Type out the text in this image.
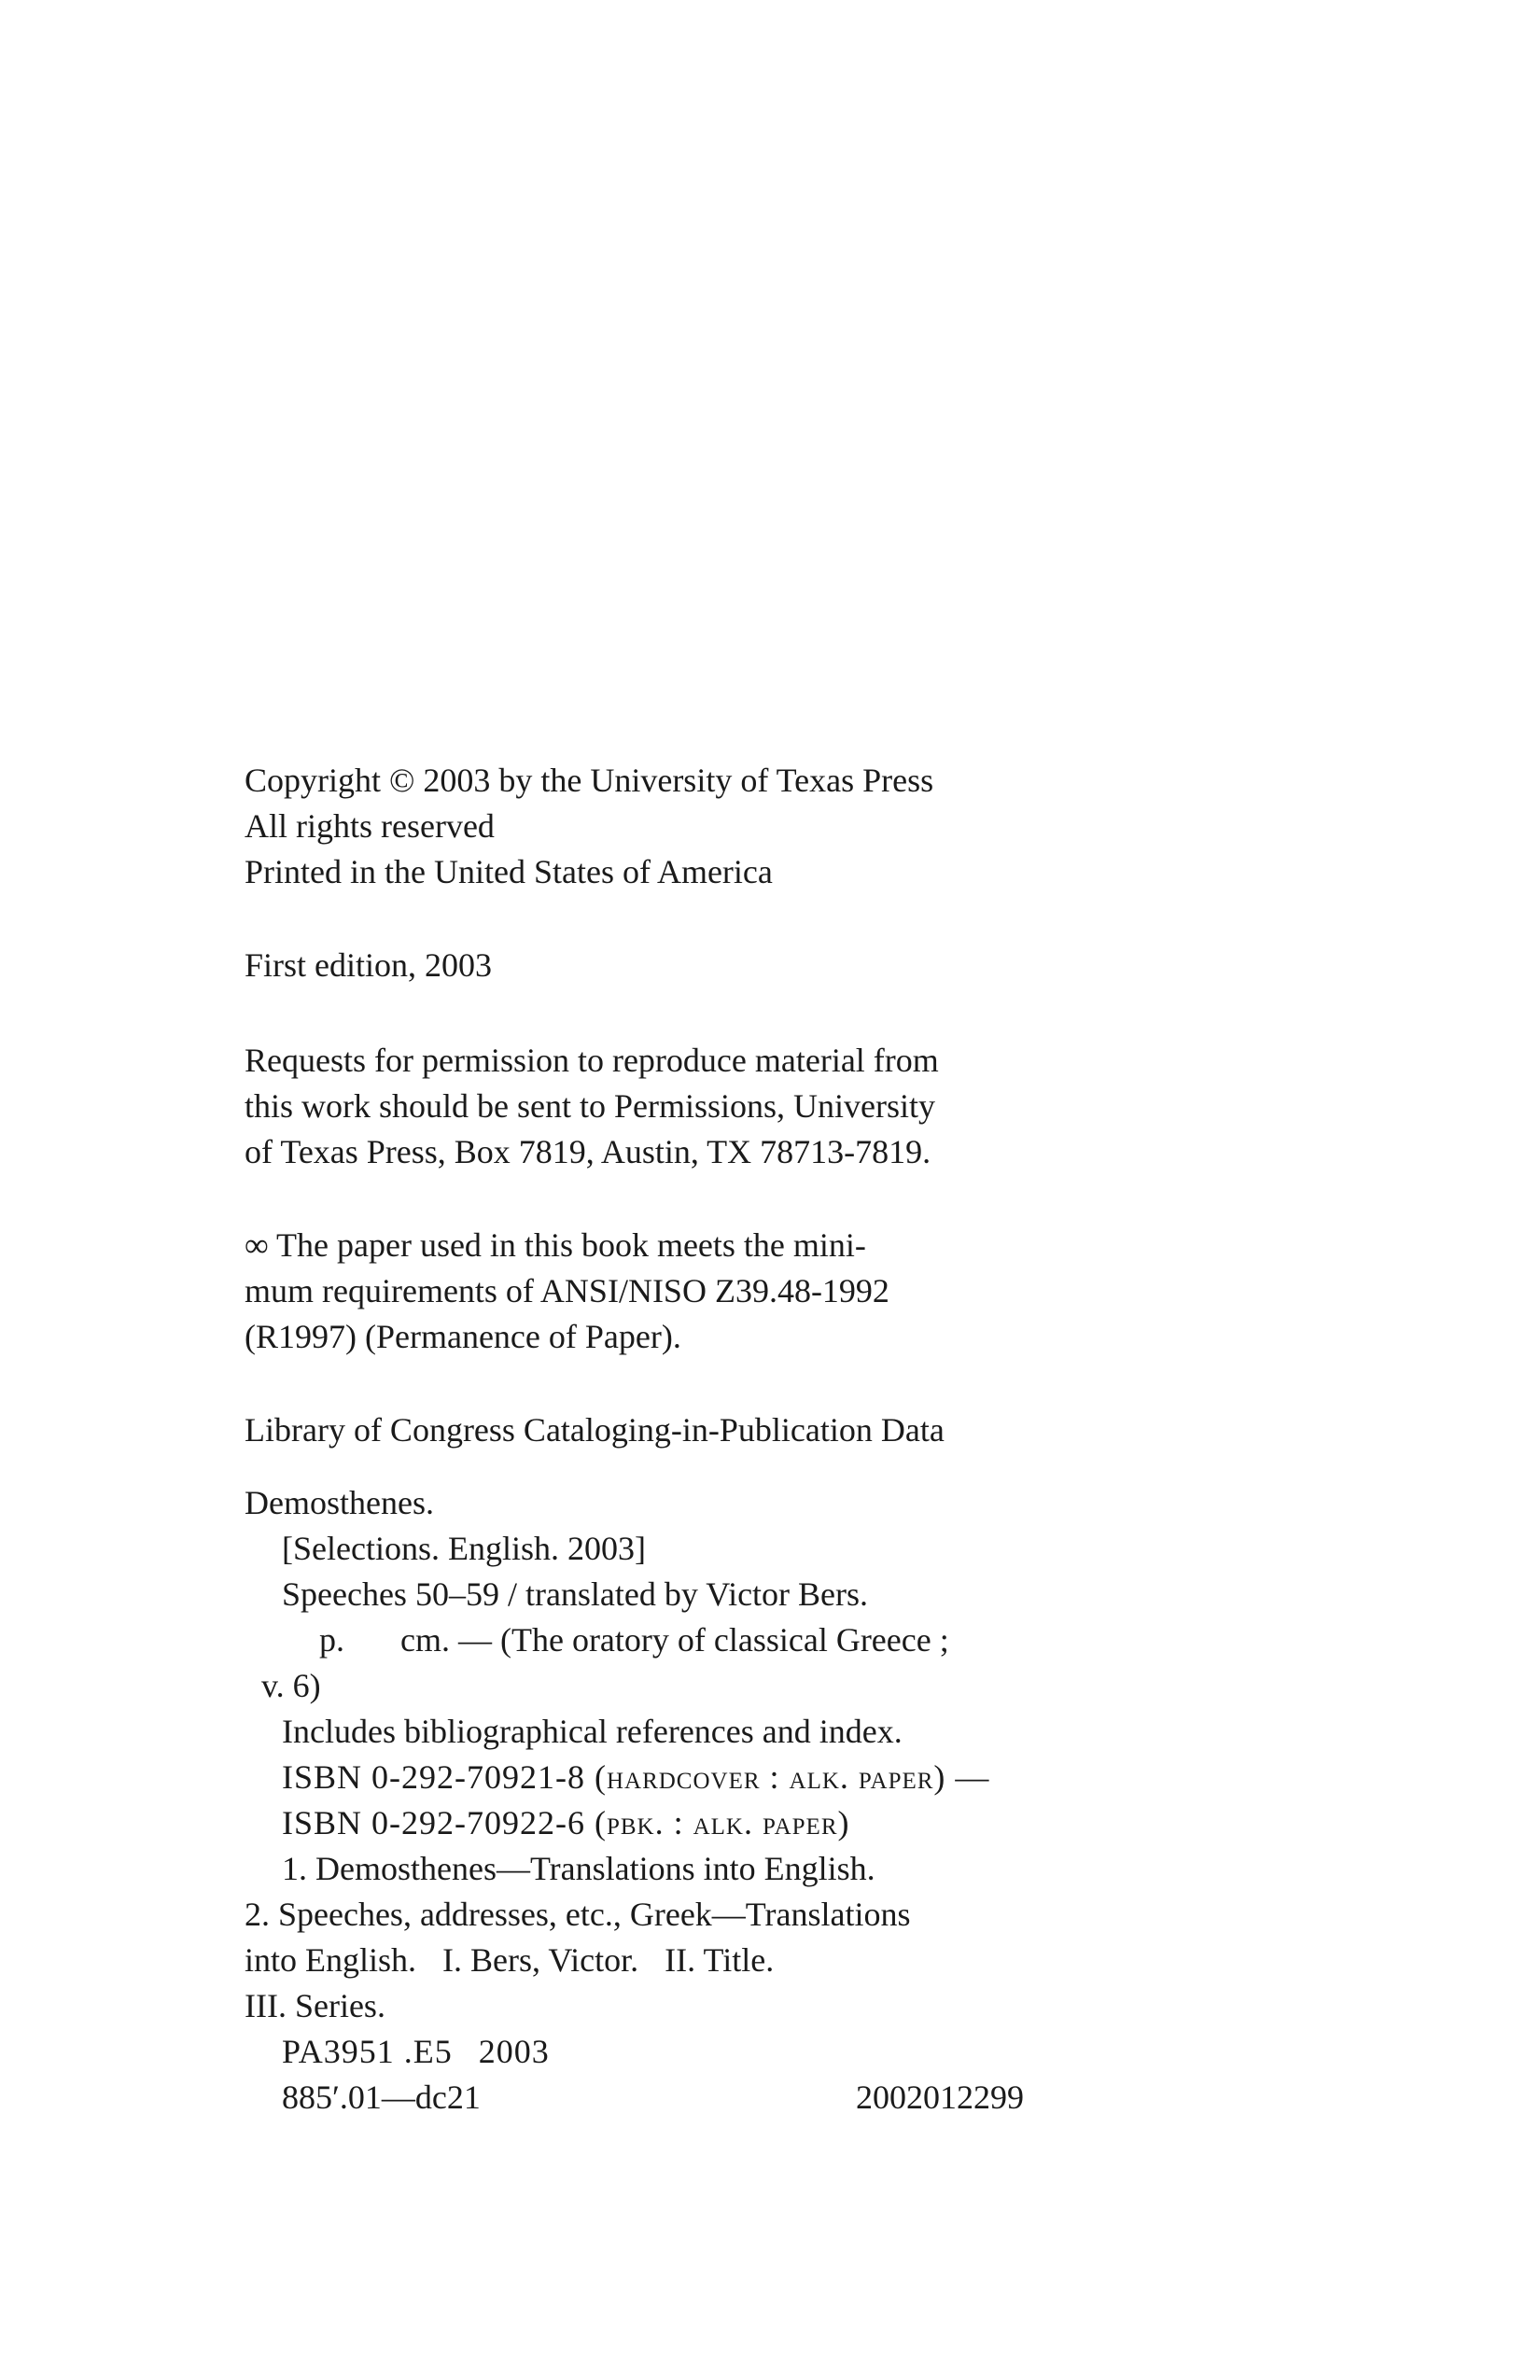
Copyright © 2003 by the University of Texas Press
All rights reserved
Printed in the United States of America
First edition, 2003
Requests for permission to reproduce material from
this work should be sent to Permissions, University
of Texas Press, Box 7819, Austin, TX 78713-7819.
∞ The paper used in this book meets the mini-
mum requirements of ANSI/NISO Z39.48-1992
(R1997) (Permanence of Paper).
Library of Congress Cataloging-in-Publication Data
Demosthenes.
[Selections. English. 2003]
Speeches 50–59 / translated by Victor Bers.
p. cm. — (The oratory of classical Greece ;
v. 6)
Includes bibliographical references and index.
ISBN 0-292-70921-8 (hardcover : alk. paper) —
ISBN 0-292-70922-6 (pbk. : alk. paper)
1. Demosthenes—Translations into English.
2. Speeches, addresses, etc., Greek—Translations
into English. I. Bers, Victor. II. Title.
III. Series.
PA3951 .E5 2003
885′.01—dc21	2002012299
